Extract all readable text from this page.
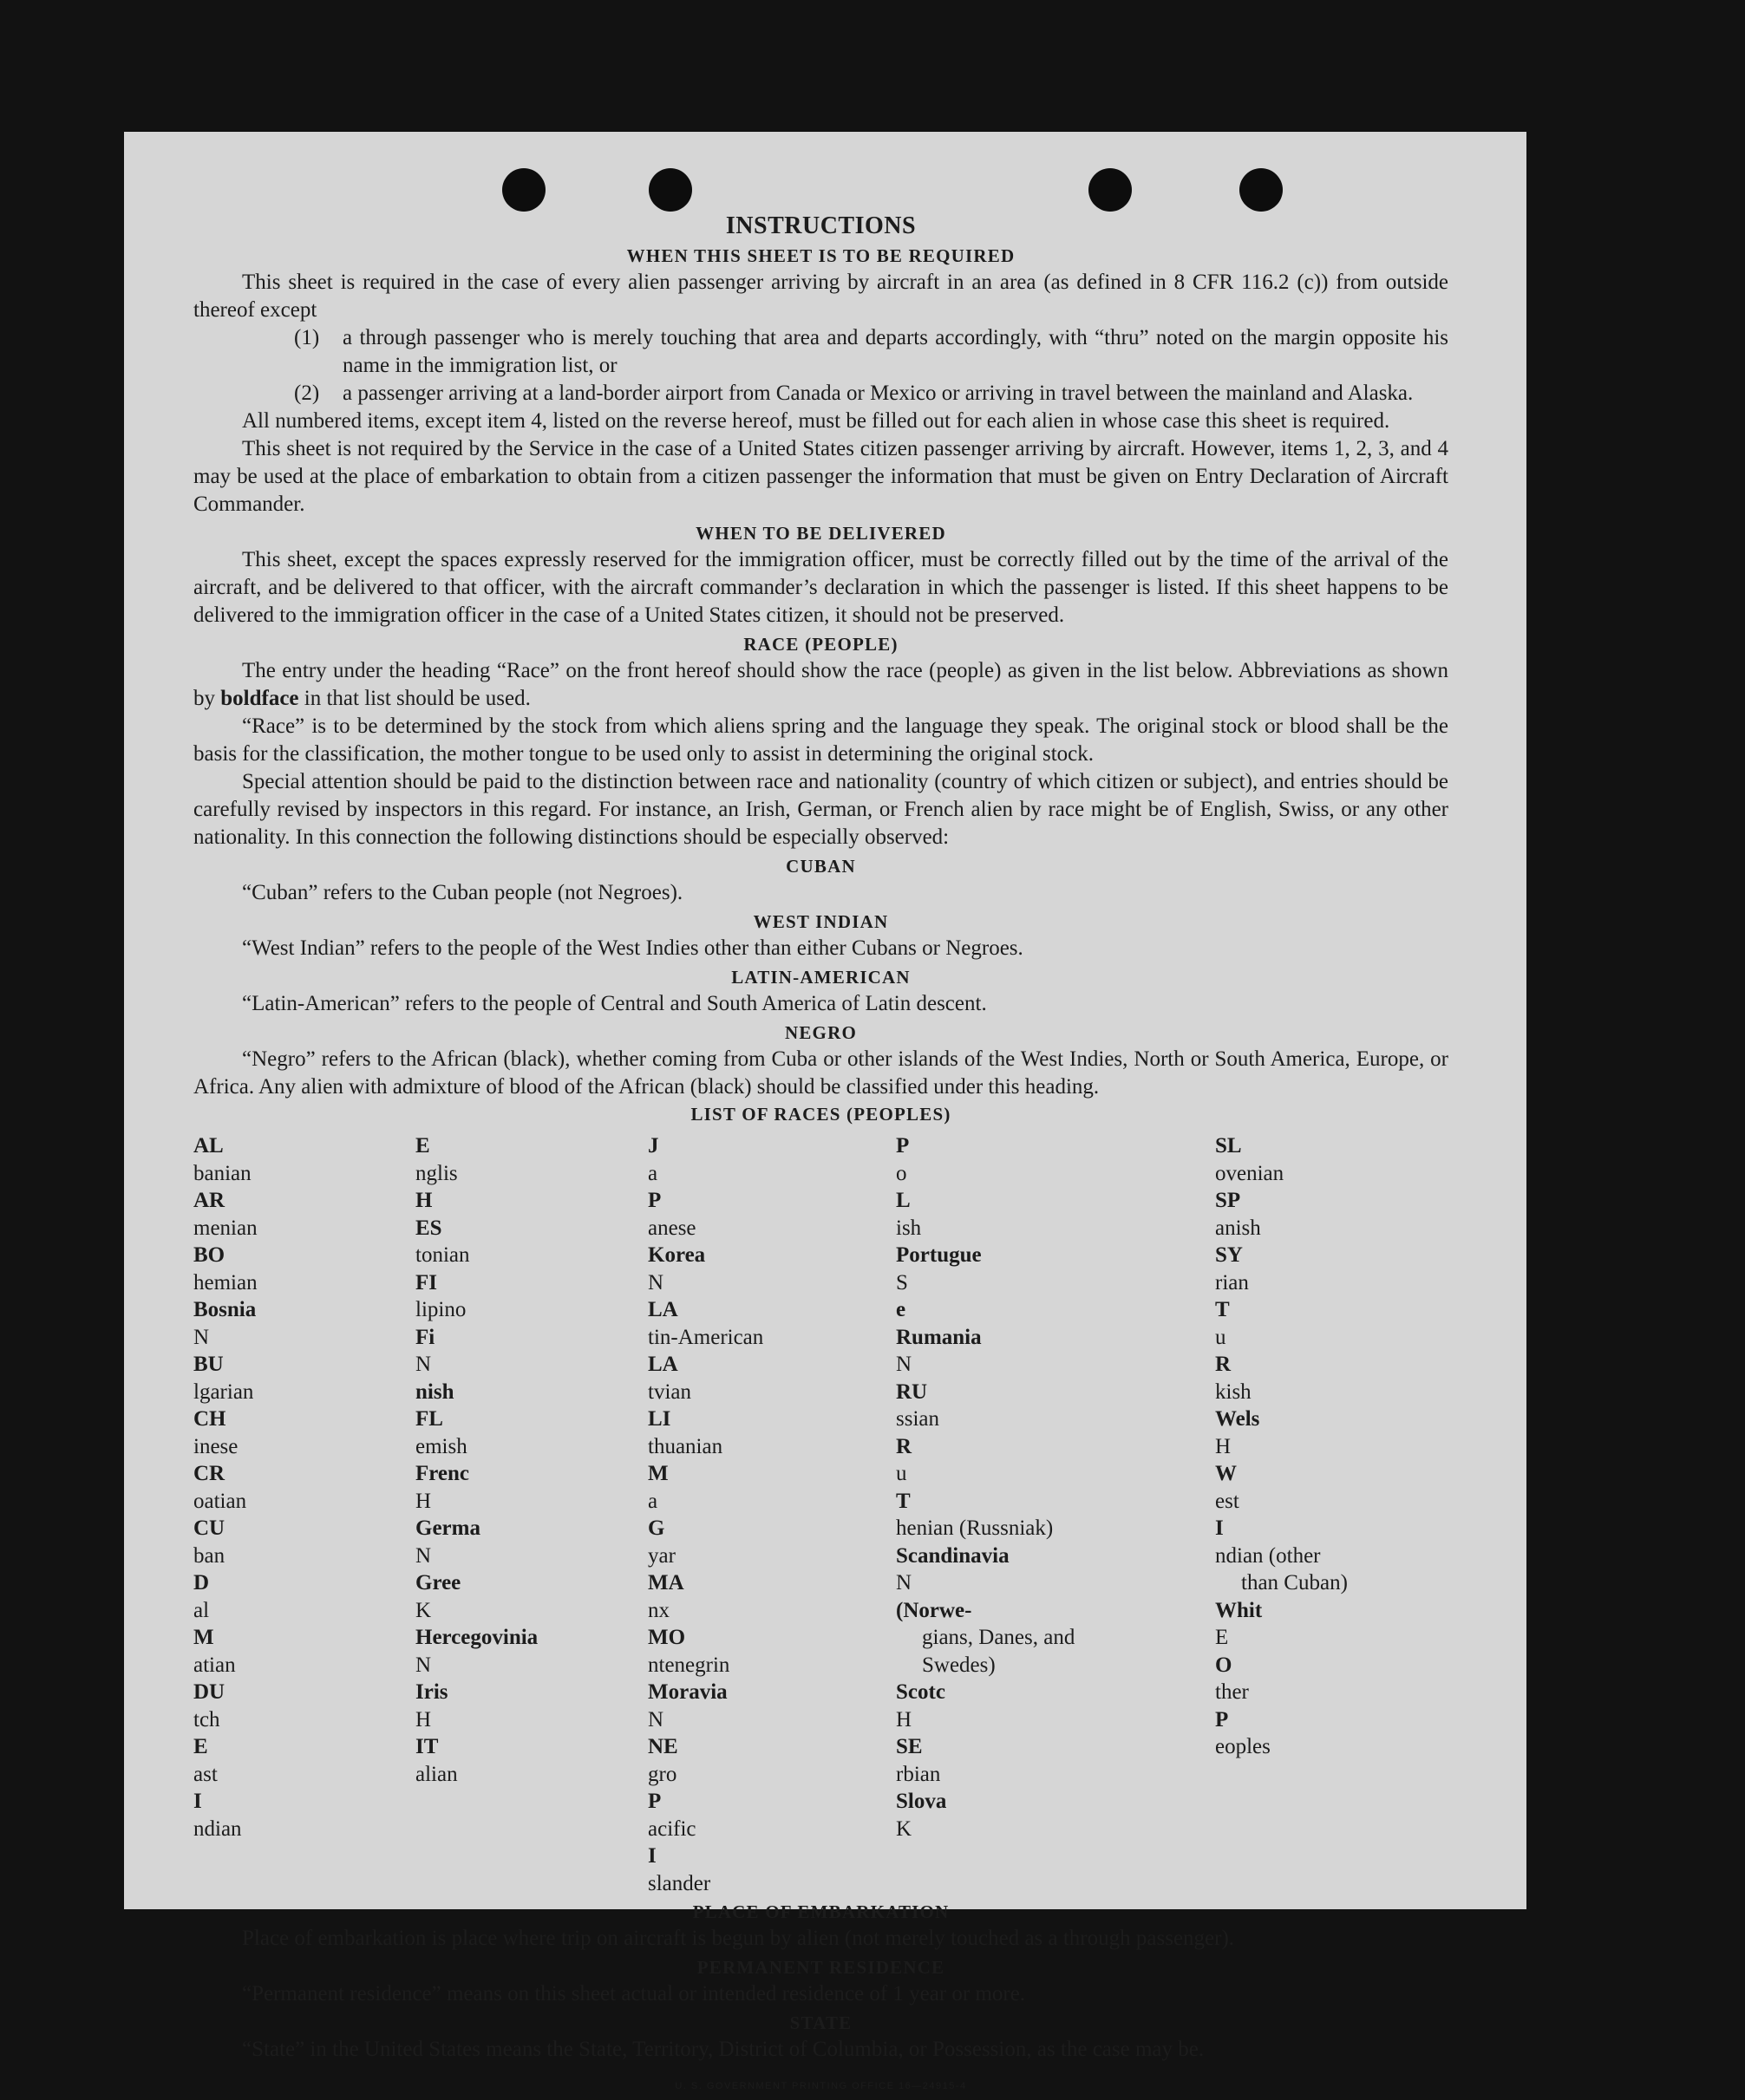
INSTRUCTIONS
WHEN THIS SHEET IS TO BE REQUIRED

This sheet is required in the case of every alien passenger arriving by aircraft in an area (as defined in 8 CFR 116.2 (c)) from outside thereof except

(1)	a through passenger who is merely touching that area and departs accordingly, with “thru” noted on the margin opposite his name in the immigration list, or
(2)	a passenger arriving at a land-border airport from Canada or Mexico or arriving in travel between the mainland and Alaska.

All numbered items, except item 4, listed on the reverse hereof, must be filled out for each alien in whose case this sheet is required.

This sheet is not required by the Service in the case of a United States citizen passenger arriving by aircraft. However, items 1, 2, 3, and 4 may be used at the place of embarkation to obtain from a citizen passenger the information that must be given on Entry Declaration of Aircraft Commander.

WHEN TO BE DELIVERED

This sheet, except the spaces expressly reserved for the immigration officer, must be correctly filled out by the time of the arrival of the aircraft, and be delivered to that officer, with the aircraft commander’s declaration in which the passenger is listed. If this sheet happens to be delivered to the immigration officer in the case of a United States citizen, it should not be preserved.

RACE (PEOPLE)

The entry under the heading “Race” on the front hereof should show the race (people) as given in the list below. Abbreviations as shown by boldface in that list should be used.

“Race” is to be determined by the stock from which aliens spring and the language they speak. The original stock or blood shall be the basis for the classification, the mother tongue to be used only to assist in determining the original stock.

Special attention should be paid to the distinction between race and nationality (country of which citizen or subject), and entries should be carefully revised by inspectors in this regard. For instance, an Irish, German, or French alien by race might be of English, Swiss, or any other nationality. In this connection the following distinctions should be especially observed:

CUBAN

“Cuban” refers to the Cuban people (not Negroes).

WEST INDIAN

“West Indian” refers to the people of the West Indies other than either Cubans or Negroes.

LATIN-AMERICAN

“Latin-American” refers to the people of Central and South America of Latin descent.

NEGRO

“Negro” refers to the African (black), whether coming from Cuba or other islands of the West Indies, North or South America, Europe, or Africa. Any alien with admixture of blood of the African (black) should be classified under this heading.

LIST OF RACES (PEOPLES)
AL
banian
AR
menian
BO
hemian
Bosnia
N
BU
lgarian
CH
inese
CR
oatian
CU
ban
D
al
M
atian
DU
tch
E
ast
I
ndian
E
nglis
H
ES
tonian
FI
lipino
Fi
N
nish
FL
emish
Frenc
H
Germa
N
Gree
K
Hercegovinia
N
Iris
H
IT
alian
J
a
P
anese
Korea
N
LA
tin-American
LA
tvian
LI
thuanian
M
a
G
yar
MA
nx
MO
ntenegrin
Moravia
N
NE
gro
P
acific
I
slander
P
o
L
ish
Portugue
S
e
Rumania
N
RU
ssian
R
u
T
henian (Russniak)
Scandinavia
N
(Norwe-
gians, Danes, and
Swedes)
Scotc
H
SE
rbian
Slova
K
SL
ovenian
SP
anish
SY
rian
T
u
R
kish
Wels
H
W
est
I
ndian (other
than Cuban)
Whit
E
O
ther
P
eoples
PLACE OF EMBARKATION

Place of embarkation is place where trip on aircraft is begun by alien (not merely touched as a through passenger).

PERMANENT RESIDENCE

“Permanent residence” means on this sheet actual or intended residence of 1 year or more.

STATE

“State” in the United States means the State, Territory, District of Columbia, or Possession, as the case may be.

U. S. GOVERNMENT PRINTING OFFICE 16—24915-4
